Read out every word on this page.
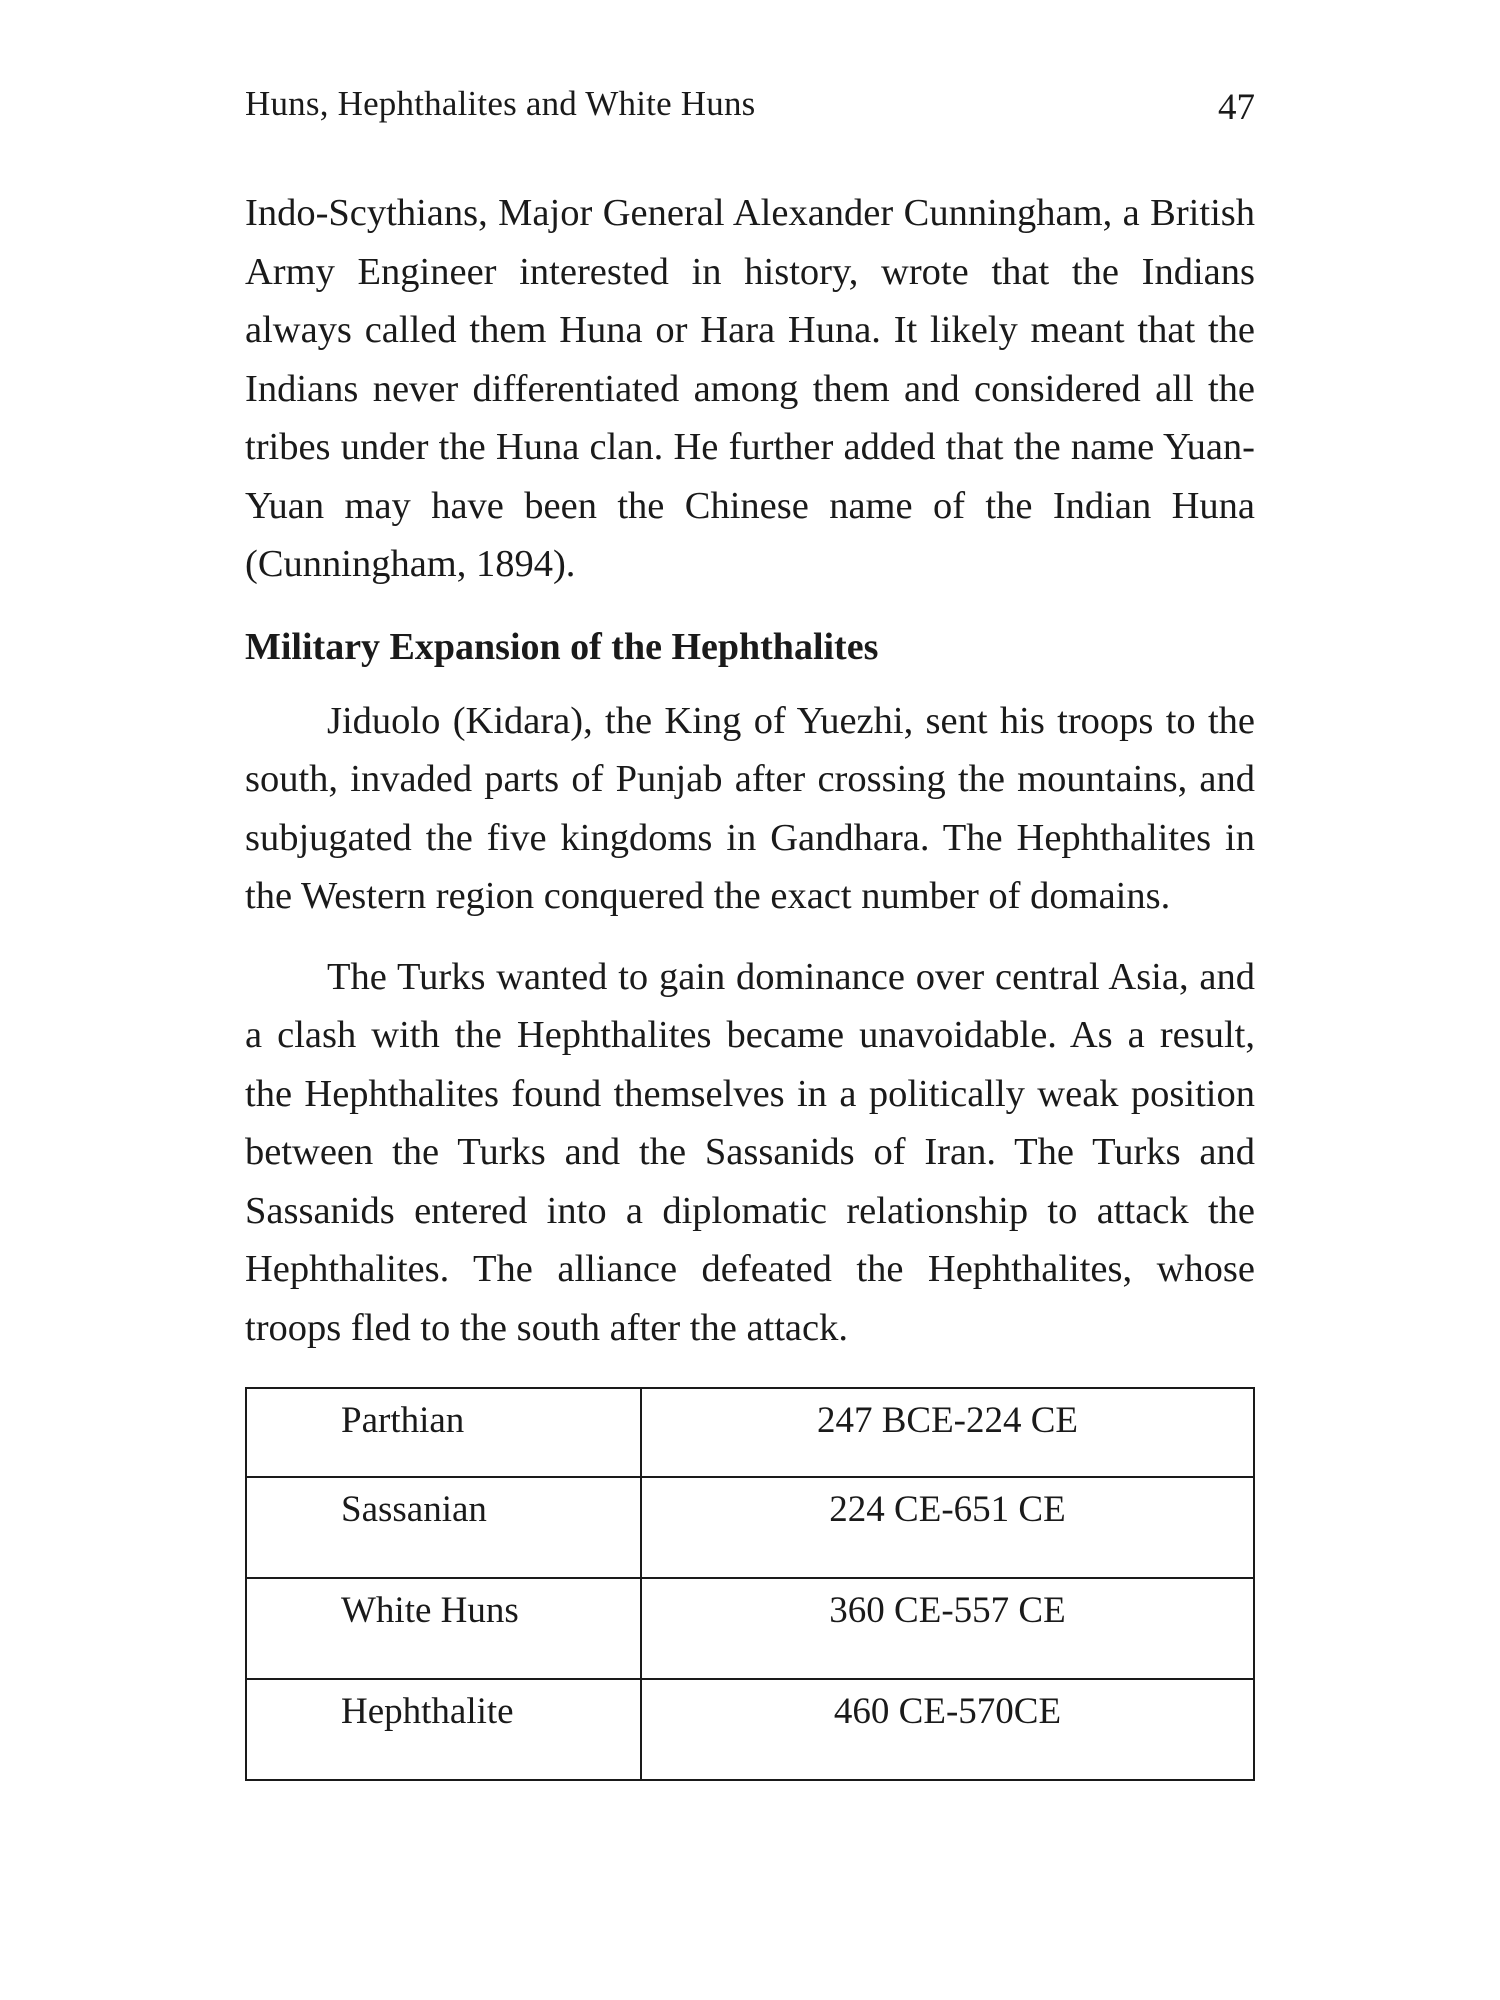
Huns, Hephthalites and White Huns	47

Indo-Scythians, Major General Alexander Cunningham, a British Army Engineer interested in history, wrote that the Indians always called them Huna or Hara Huna. It likely meant that the Indians never differentiated among them and considered all the tribes under the Huna clan. He further added that the name Yuan-Yuan may have been the Chinese name of the Indian Huna (Cunningham, 1894).

Military Expansion of the Hephthalites

Jiduolo (Kidara), the King of Yuezhi, sent his troops to the south, invaded parts of Punjab after crossing the mountains, and subjugated the five kingdoms in Gandhara. The Hephthalites in the Western region conquered the exact number of domains.

The Turks wanted to gain dominance over central Asia, and a clash with the Hephthalites became unavoidable. As a result, the Hephthalites found themselves in a politically weak position between the Turks and the Sassanids of Iran. The Turks and Sassanids entered into a diplomatic relationship to attack the Hephthalites. The alliance defeated the Hephthalites, whose troops fled to the south after the attack.

Parthian	247 BCE-224 CE
Sassanian	224 CE-651 CE
White Huns	360 CE-557 CE
Hephthalite	460 CE-570CE
